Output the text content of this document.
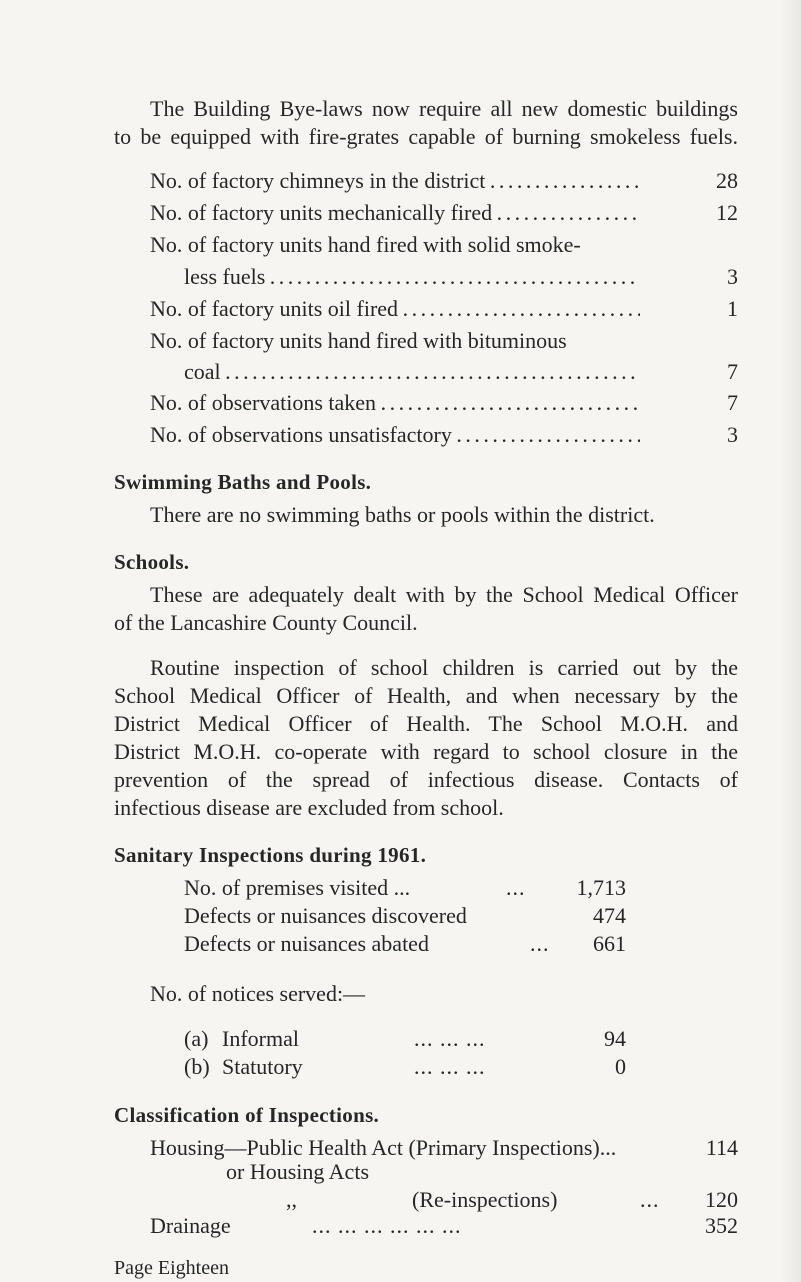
The Building Bye-laws now require all new domestic buildings
to be equipped with fire-grates capable of burning smokeless fuels.
No. of factory chimneys in the district . . .	28
No. of factory units mechanically fired . . .	12
No. of factory units hand fired with solid smoke-
less fuels . . .	3
No. of factory units oil fired . . .	1
No. of factory units hand fired with bituminous
coal . . .	7
No. of observations taken . . .	7
No. of observations unsatisfactory . . .	3
Swimming Baths and Pools.
There are no swimming baths or pools within the district.
Schools.
These are adequately dealt with by the School Medical Officer
of the Lancashire County Council.
Routine inspection of school children is carried out by the
School Medical Officer of Health, and when necessary by the
District Medical Officer of Health. The School M.O.H. and
District M.O.H. co-operate with regard to school closure in the
prevention of the spread of infectious disease. Contacts of
infectious disease are excluded from school.
Sanitary Inspections during 1961.
No. of premises visited ...	...	1,713
Defects or nuisances discovered	474
Defects or nuisances abated	...	661
No. of notices served:—
(a) Informal	... ... ...	94
(b) Statutory	... ... ...	0
Classification of Inspections.
Housing—Public Health Act (Primary Inspections)...	114
or Housing Acts
,,	(Re-inspections)	...	120
Drainage	... ... ... ... ... ...	352
Page Eighteen
